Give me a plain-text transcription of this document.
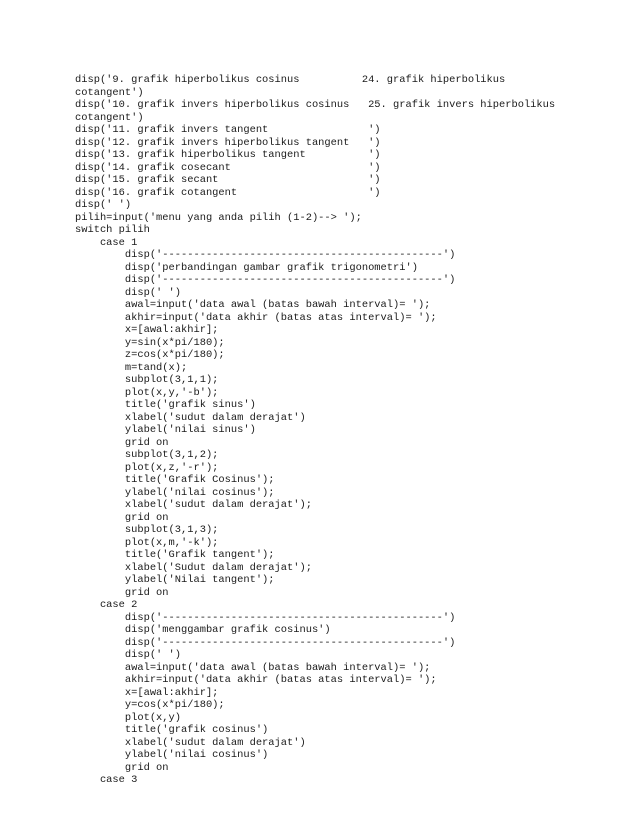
disp('9. grafik hiperbolikus cosinus          24. grafik hiperbolikus
cotangent')
disp('10. grafik invers hiperbolikus cosinus   25. grafik invers hiperbolikus
cotangent')
disp('11. grafik invers tangent                ')
disp('12. grafik invers hiperbolikus tangent   ')
disp('13. grafik hiperbolikus tangent          ')
disp('14. grafik cosecant                      ')
disp('15. grafik secant                        ')
disp('16. grafik cotangent                     ')
disp(' ')
pilih=input('menu yang anda pilih (1-2)--> ');
switch pilih
case 1
disp('---------------------------------------------')
disp('perbandingan gambar grafik trigonometri')
disp('---------------------------------------------')
disp(' ')
awal=input('data awal (batas bawah interval)= ');
akhir=input('data akhir (batas atas interval)= ');
x=[awal:akhir];
y=sin(x*pi/180);
z=cos(x*pi/180);
m=tand(x);
subplot(3,1,1);
plot(x,y,'-b');
title('grafik sinus')
xlabel('sudut dalam derajat')
ylabel('nilai sinus')
grid on
subplot(3,1,2);
plot(x,z,'-r');
title('Grafik Cosinus');
ylabel('nilai cosinus');
xlabel('sudut dalam derajat');
grid on
subplot(3,1,3);
plot(x,m,'-k');
title('Grafik tangent');
xlabel('Sudut dalam derajat');
ylabel('Nilai tangent');
grid on
case 2
disp('---------------------------------------------')
disp('menggambar grafik cosinus')
disp('---------------------------------------------')
disp(' ')
awal=input('data awal (batas bawah interval)= ');
akhir=input('data akhir (batas atas interval)= ');
x=[awal:akhir];
y=cos(x*pi/180);
plot(x,y)
title('grafik cosinus')
xlabel('sudut dalam derajat')
ylabel('nilai cosinus')
grid on
case 3
